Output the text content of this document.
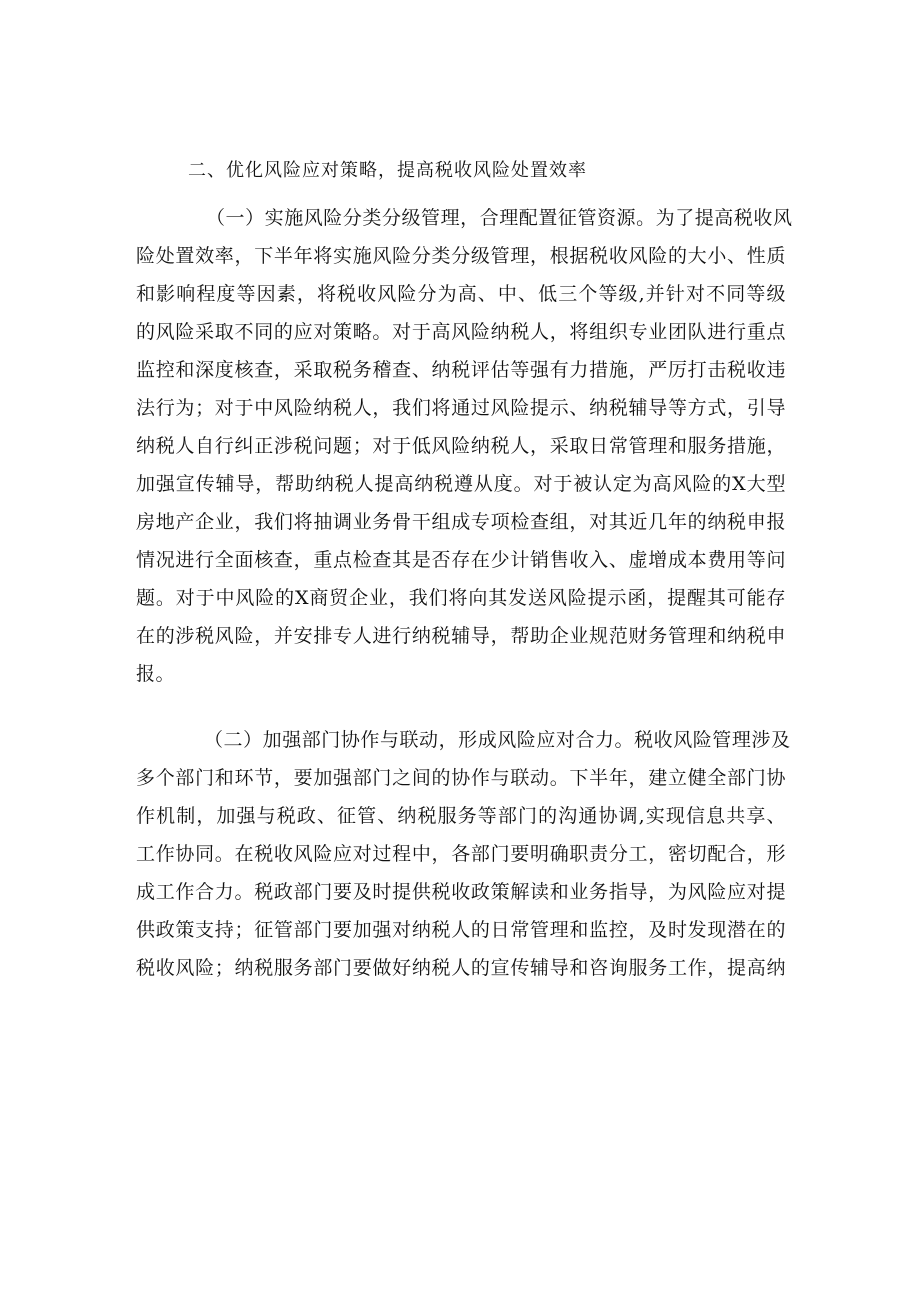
二、优化风险应对策略，提高税收风险处置效率

（一）实施风险分类分级管理，合理配置征管资源。为了提高税收风
险处置效率，下半年将实施风险分类分级管理，根据税收风险的大小、性质
和影响程度等因素，将税收风险分为高、中、低三个等级,并针对不同等级
的风险采取不同的应对策略。对于高风险纳税人，将组织专业团队进行重点
监控和深度核查，采取税务稽查、纳税评估等强有力措施，严厉打击税收违
法行为；对于中风险纳税人，我们将通过风险提示、纳税辅导等方式，引导
纳税人自行纠正涉税问题；对于低风险纳税人，采取日常管理和服务措施，
加强宣传辅导，帮助纳税人提高纳税遵从度。对于被认定为高风险的X大型
房地产企业，我们将抽调业务骨干组成专项检查组，对其近几年的纳税申报
情况进行全面核查，重点检查其是否存在少计销售收入、虚增成本费用等问
题。对于中风险的X商贸企业，我们将向其发送风险提示函，提醒其可能存
在的涉税风险，并安排专人进行纳税辅导，帮助企业规范财务管理和纳税申
报。

（二）加强部门协作与联动，形成风险应对合力。税收风险管理涉及
多个部门和环节，要加强部门之间的协作与联动。下半年，建立健全部门协
作机制，加强与税政、征管、纳税服务等部门的沟通协调,实现信息共享、
工作协同。在税收风险应对过程中，各部门要明确职责分工，密切配合，形
成工作合力。税政部门要及时提供税收政策解读和业务指导，为风险应对提
供政策支持；征管部门要加强对纳税人的日常管理和监控，及时发现潜在的
税收风险；纳税服务部门要做好纳税人的宣传辅导和咨询服务工作，提高纳
